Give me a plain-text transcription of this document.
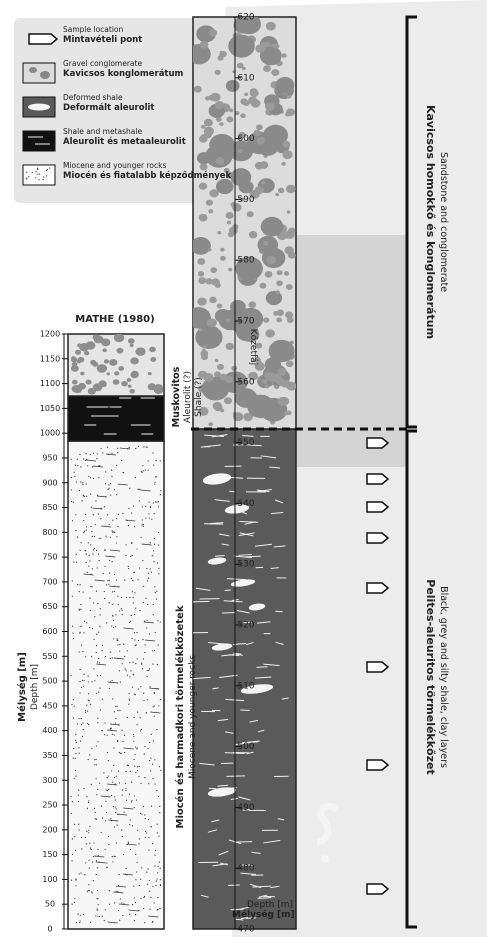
470
480
490
500
510
520
530
540
550
560
570
580
590
600
610
620
Mélység [m]
Depth [m]
Pelites-aleuritos törmelékkőzet Black, grey and silty shale, clay layers
Kavicsos homokkő és konglomerátum Sandstone and conglomerate
Kőzetfáj
0
50
100
150
200
250
300
350
400
450
500
550
600
650
700
750
800
850
900
950
1000
1050
1100
1150
1200
MATHE (1980)
Mélység [m] Depth [m]	Miocén és harmadkori törmelékkőzetek Miocene and younger rocks
Muskovitos Aleurolit (?) Shale (?)
Miocén és fiatalabb képződmények
Miocene and younger rocks
Aleurolit és metaaleurolit
Shale and metashale
Deformált aleurolit
Deformed shale
Kavicsos konglomerátum
Gravel conglomerate
Mintavételi pont
Sample location
